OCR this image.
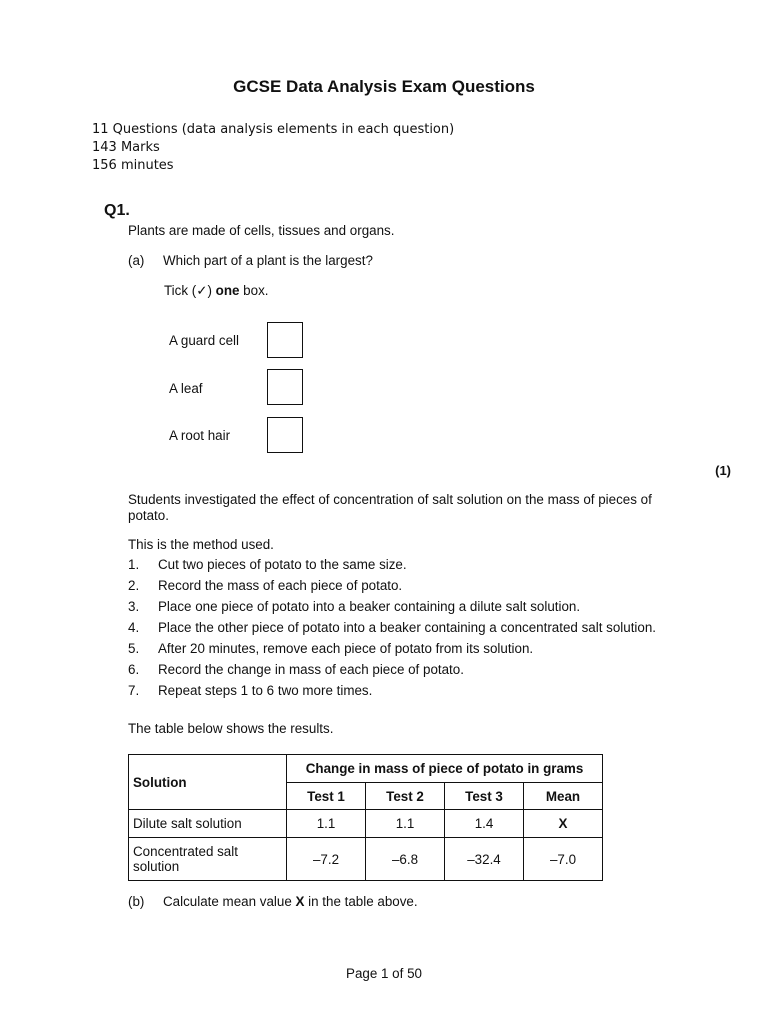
GCSE Data Analysis Exam Questions
11 Questions (data analysis elements in each question)
143 Marks
156 minutes
Q1.
Plants are made of cells, tissues and organs.
(a) Which part of a plant is the largest?
Tick (✓) one box.
A guard cell
A leaf
A root hair
(1)
Students investigated the effect of concentration of salt solution on the mass of pieces of potato.
This is the method used.
1. Cut two pieces of potato to the same size.
2. Record the mass of each piece of potato.
3. Place one piece of potato into a beaker containing a dilute salt solution.
4. Place the other piece of potato into a beaker containing a concentrated salt solution.
5. After 20 minutes, remove each piece of potato from its solution.
6. Record the change in mass of each piece of potato.
7. Repeat steps 1 to 6 two more times.
The table below shows the results.
Solution	Change in mass of piece of potato in grams			
	Test 1	Test 2	Test 3	Mean
Dilute salt solution	1.1	1.1	1.4	X
Concentrated salt solution	–7.2	–6.8	–32.4	–7.0
(b) Calculate mean value X in the table above.
Page 1 of 50
